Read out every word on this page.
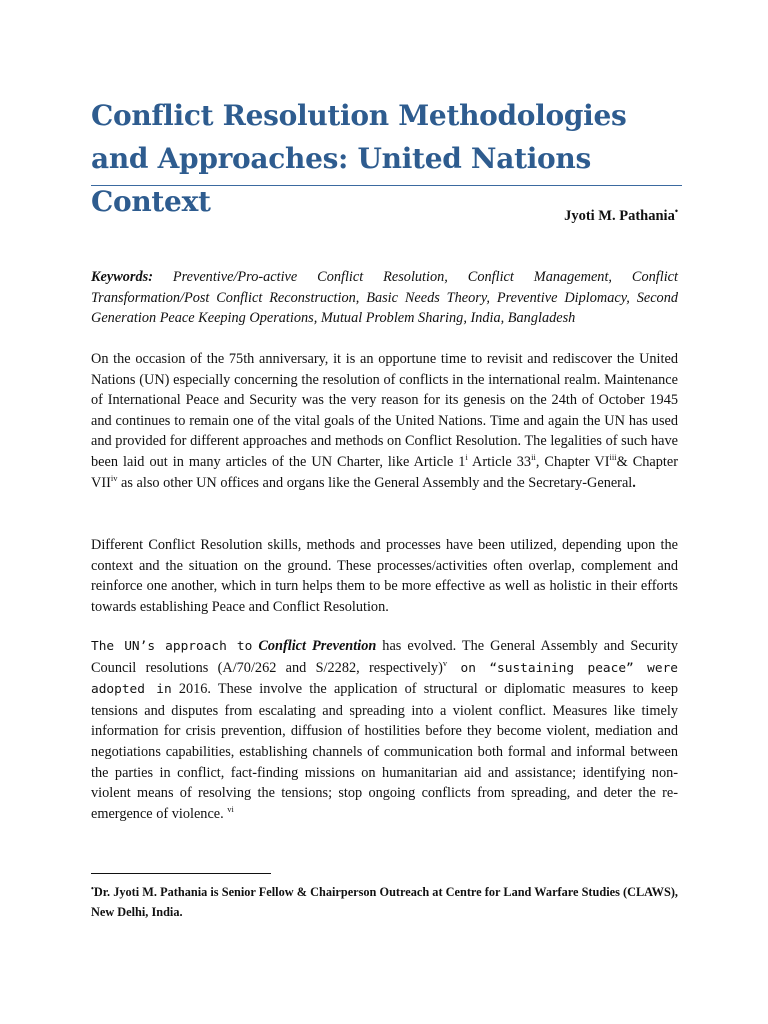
Conflict Resolution Methodologies and Approaches: United Nations Context	Jyoti M. Pathania•

Keywords: Preventive/Pro-active Conflict Resolution, Conflict Management, Conflict Transformation/Post Conflict Reconstruction, Basic Needs Theory, Preventive Diplomacy, Second Generation Peace Keeping Operations, Mutual Problem Sharing, India, Bangladesh

On the occasion of the 75th anniversary, it is an opportune time to revisit and rediscover the United Nations (UN) especially concerning the resolution of conflicts in the international realm. Maintenance of International Peace and Security was the very reason for its genesis on the 24th of October 1945 and continues to remain one of the vital goals of the United Nations. Time and again the UN has used and provided for different approaches and methods on Conflict Resolution. The legalities of such have been laid out in many articles of the UN Charter, like Article 1$^i$ Article 33$^{ii}$, Chapter VI$^{iii}$& Chapter VII$^{iv}$ as also other UN offices and organs like the General Assembly and the Secretary-General.

Different Conflict Resolution skills, methods and processes have been utilized, depending upon the context and the situation on the ground. These processes/activities often overlap, complement and reinforce one another, which in turn helps them to be more effective as well as holistic in their efforts towards establishing Peace and Conflict Resolution.

The UN’s approach to Conflict Prevention has evolved. The General Assembly and Security Council resolutions (A/70/262 and S/2282, respectively)$^v$ on “sustaining peace” were adopted in 2016. These involve the application of structural or diplomatic measures to keep tensions and disputes from escalating and spreading into a violent conflict. Measures like timely information for crisis prevention, diffusion of hostilities before they become violent, mediation and negotiations capabilities, establishing channels of communication both formal and informal between the parties in conflict, fact-finding missions on humanitarian aid and assistance; identifying non-violent means of resolving the tensions; stop ongoing conflicts from spreading, and deter the re-emergence of violence. $^{vi}$

•Dr. Jyoti M. Pathania is Senior Fellow & Chairperson Outreach at Centre for Land Warfare Studies (CLAWS), New Delhi, India.
